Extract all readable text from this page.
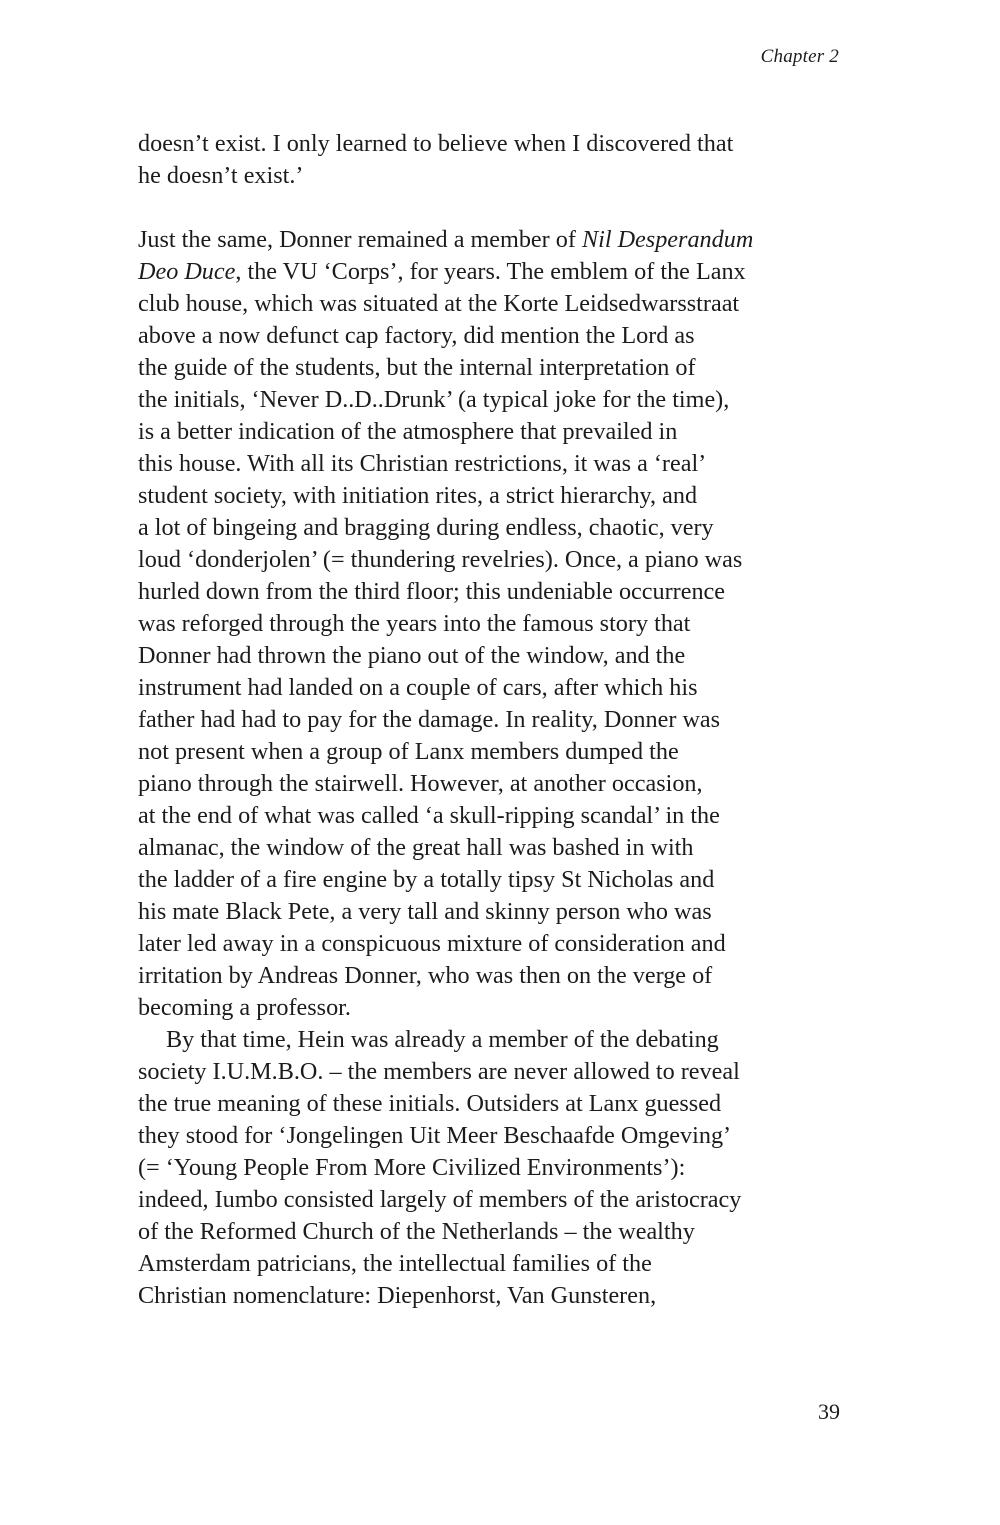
Chapter 2
doesn’t exist. I only learned to believe when I discovered that
he doesn’t exist.’
Just the same, Donner remained a member of Nil Desperandum
Deo Duce, the VU ‘Corps’, for years. The emblem of the Lanx
club house, which was situated at the Korte Leidsedwarsstraat
above a now defunct cap factory, did mention the Lord as
the guide of the students, but the internal interpretation of
the initials, ‘Never D..D..Drunk’ (a typical joke for the time),
is a better indication of the atmosphere that prevailed in
this house. With all its Christian restrictions, it was a ‘real’
student society, with initiation rites, a strict hierarchy, and
a lot of bingeing and bragging during endless, chaotic, very
loud ‘donderjolen’ (= thundering revelries). Once, a piano was
hurled down from the third floor; this undeniable occurrence
was reforged through the years into the famous story that
Donner had thrown the piano out of the window, and the
instrument had landed on a couple of cars, after which his
father had had to pay for the damage. In reality, Donner was
not present when a group of Lanx members dumped the
piano through the stairwell. However, at another occasion,
at the end of what was called ‘a skull-ripping scandal’ in the
almanac, the window of the great hall was bashed in with
the ladder of a fire engine by a totally tipsy St Nicholas and
his mate Black Pete, a very tall and skinny person who was
later led away in a conspicuous mixture of consideration and
irritation by Andreas Donner, who was then on the verge of
becoming a professor.
By that time, Hein was already a member of the debating
society I.U.M.B.O. – the members are never allowed to reveal
the true meaning of these initials. Outsiders at Lanx guessed
they stood for ‘Jongelingen Uit Meer Beschaafde Omgeving’
(= ‘Young People From More Civilized Environments’):
indeed, Iumbo consisted largely of members of the aristocracy
of the Reformed Church of the Netherlands – the wealthy
Amsterdam patricians, the intellectual families of the
Christian nomenclature: Diepenhorst, Van Gunsteren,
39
